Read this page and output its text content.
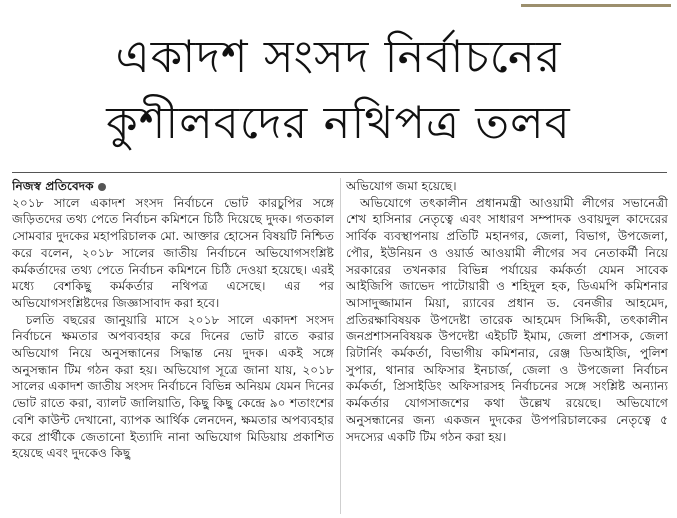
একাদশ সংসদ নির্বাচনের
কুশীলবদের নথিপত্র তলব

নিজস্ব প্রতিবেদক

২০১৮ সালে একাদশ সংসদ নির্বাচনে ভোট কারচুপির সঙ্গে জড়িতদের তথ্য পেতে নির্বাচন কমিশনে চিঠি দিয়েছে দুদক। গতকাল সোমবার দুদকের মহাপরিচালক মো. আক্তার হোসেন বিষয়টি নিশ্চিত করে বলেন, ২০১৮ সালের জাতীয় নির্বাচনে অভিযোগসংশ্লিষ্ট কর্মকর্তাদের তথ্য পেতে নির্বাচন কমিশনে চিঠি দেওয়া হয়েছে। এরই মধ্যে বেশকিছু কর্মকর্তার নথিপত্র এসেছে। এর পর অভিযোগসংশ্লিষ্টদের জিজ্ঞাসাবাদ করা হবে।

চলতি বছরের জানুয়ারি মাসে ২০১৮ সালে একাদশ সংসদ নির্বাচনে ক্ষমতার অপব্যবহার করে দিনের ভোট রাতে করার অভিযোগ নিয়ে অনুসন্ধানের সিদ্ধান্ত নেয় দুদক। একই সঙ্গে অনুসন্ধান টিম গঠন করা হয়। অভিযোগ সূত্রে জানা যায়, ২০১৮ সালের একাদশ জাতীয় সংসদ নির্বাচনে বিভিন্ন অনিয়ম যেমন দিনের ভোট রাতে করা, ব্যালট জালিয়াতি, কিছু কিছু কেন্দ্রে ৯০ শতাংশের বেশি কাউন্ট দেখানো, ব্যাপক আর্থিক লেনদেন, ক্ষমতার অপব্যবহার করে প্রার্থীকে জেতানো ইত্যাদি নানা অভিযোগ মিডিয়ায় প্রকাশিত হয়েছে এবং দুদকেও কিছু

অভিযোগ জমা হয়েছে।

অভিযোগে তৎকালীন প্রধানমন্ত্রী আওয়ামী লীগের সভানেত্রী শেখ হাসিনার নেতৃত্বে এবং সাধারণ সম্পাদক ওবায়দুল কাদেরের সার্বিক ব্যবস্থাপনায় প্রতিটি মহানগর, জেলা, বিভাগ, উপজেলা, পৌর, ইউনিয়ন ও ওয়ার্ড আওয়ামী লীগের সব নেতাকর্মী নিয়ে সরকারের তখনকার বিভিন্ন পর্যায়ের কর্মকর্তা যেমন সাবেক আইজিপি জাভেদ পাটোয়ারী ও শহিদুল হক, ডিএমপি কমিশনার আসাদুজ্জামান মিয়া, র‌্যাবের প্রধান ড. বেনজীর আহমেদ, প্রতিরক্ষাবিষয়ক উপদেষ্টা তারেক আহমেদ সিদ্দিকী, তৎকালীন জনপ্রশাসনবিষয়ক উপদেষ্টা এইচটি ইমাম, জেলা প্রশাসক, জেলা রিটার্নিং কর্মকর্তা, বিভাগীয় কমিশনার, রেঞ্জ ডিআইজি, পুলিশ সুপার, থানার অফিসার ইনচার্জ, জেলা ও উপজেলা নির্বাচন কর্মকর্তা, প্রিসাইডিং অফিসারসহ নির্বাচনের সঙ্গে সংশ্লিষ্ট অন্যান্য কর্মকর্তার যোগসাজশের কথা উল্লেখ রয়েছে। অভিযোগে অনুসন্ধানের জন্য একজন দুদকের উপপরিচালকের নেতৃত্বে ৫ সদস্যের একটি টিম গঠন করা হয়।
